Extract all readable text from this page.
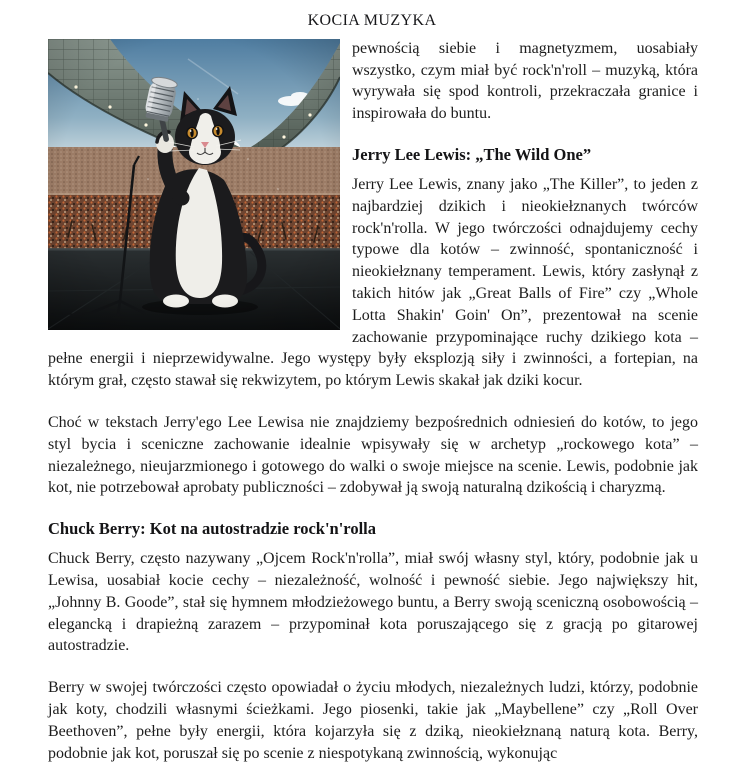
KOCIA MUZYKA

pewnością siebie i magnetyzmem, uosabiały wszystko, czym miał być rock'n'roll – muzyką, która wyrywała się spod kontroli, przekraczała granice i inspirowała do buntu.

Jerry Lee Lewis: „The Wild One”

Jerry Lee Lewis, znany jako „The Killer”, to jeden z najbardziej dzikich i nieokiełznanych twórców rock'n'rolla. W jego twórczości odnajdujemy cechy typowe dla kotów – zwinność, spontaniczność i nieokiełznany temperament. Lewis, który zasłynął z takich hitów jak „Great Balls of Fire” czy „Whole Lotta Shakin' Goin' On”, prezentował na scenie zachowanie przypominające ruchy dzikiego kota – pełne energii i nieprzewidywalne. Jego występy były eksplozją siły i zwinności, a fortepian, na którym grał, często stawał się rekwizytem, po którym Lewis skakał jak dziki kocur.

Choć w tekstach Jerry'ego Lee Lewisa nie znajdziemy bezpośrednich odniesień do kotów, to jego styl bycia i sceniczne zachowanie idealnie wpisywały się w archetyp „rockowego kota” – niezależnego, nieujarzmionego i gotowego do walki o swoje miejsce na scenie. Lewis, podobnie jak kot, nie potrzebował aprobaty publiczności – zdobywał ją swoją naturalną dzikością i charyzmą.

Chuck Berry: Kot na autostradzie rock'n'rolla

Chuck Berry, często nazywany „Ojcem Rock'n'rolla”, miał swój własny styl, który, podobnie jak u Lewisa, uosabiał kocie cechy – niezależność, wolność i pewność siebie. Jego największy hit, „Johnny B. Goode”, stał się hymnem młodzieżowego buntu, a Berry swoją sceniczną osobowością – elegancką i drapieżną zarazem – przypominał kota poruszającego się z gracją po gitarowej autostradzie.

Berry w swojej twórczości często opowiadał o życiu młodych, niezależnych ludzi, którzy, podobnie jak koty, chodzili własnymi ścieżkami. Jego piosenki, takie jak „Maybellene” czy „Roll Over Beethoven”, pełne były energii, która kojarzyła się z dziką, nieokiełznaną naturą kota. Berry, podobnie jak kot, poruszał się po scenie z niespotykaną zwinnością, wykonując
